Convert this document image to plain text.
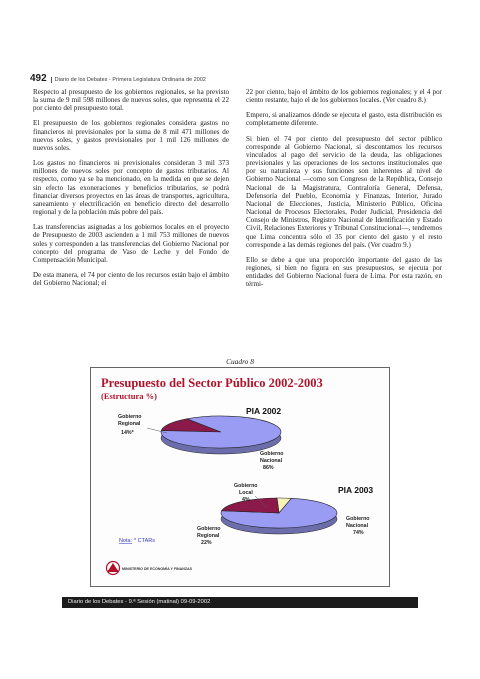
492	Diario de los Debates - Primera Legislatura Ordinaria de 2002

Respecto al presupuesto de los gobiernos regionales, se ha previsto la suma de 9 mil 598 millones de nuevos soles, que representa el 22 por ciento del presupuesto total.

El presupuesto de los gobiernos regionales considera gastos no financieros ni previsionales por la suma de 8 mil 471 millones de nuevos soles, y gastos previsionales por 1 mil 126 millones de nuevos soles.

Los gastos no financieros ni previsionales consideran 3 mil 373 millones de nuevos soles por concepto de gastos tributarios. Al respecto, como ya se ha mencionado, en la medida en que se dejen sin efecto las exoneraciones y beneficios tributarios, se podrá financiar diversos proyectos en las áreas de transportes, agricultura, saneamiento y electrificación en beneficio directo del desarrollo regional y de la población más pobre del país.

Las transferencias asignadas a los gobiernos locales en el proyecto de Presupuesto de 2003 ascienden a 1 mil 753 millones de nuevos soles y corresponden a las transferencias del Gobierno Nacional por concepto del programa de Vaso de Leche y del Fondo de Compensación Municipal.

De esta manera, el 74 por ciento de los recursos están bajo el ámbito del Gobierno Nacional; el

22 por ciento, bajo el ámbito de los gobiernos regionales; y el 4 por ciento restante, bajo el de los gobiernos locales. (Ver cuadro 8.)

Empero, si analizamos dónde se ejecuta el gasto, esta distribución es completamente diferente.

Si bien el 74 por ciento del presupuesto del sector público corresponde al Gobierno Nacional, si descontamos los recursos vinculados al pago del servicio de la deuda, las obligaciones previsionales y las operaciones de los sectores institucionales que por su naturaleza y sus funciones son inherentes al nivel de Gobierno Nacional —como son Congreso de la República, Consejo Nacional de la Magistratura, Contraloría General, Defensa, Defensoría del Pueblo, Economía y Finanzas, Interior, Jurado Nacional de Elecciones, Justicia, Ministerio Público, Oficina Nacional de Procesos Electorales, Poder Judicial, Presidencia del Consejo de Ministros, Registro Nacional de Identificación y Estado Civil, Relaciones Exteriores y Tribunal Constitucional—, tendremos que Lima concentra sólo el 35 por ciento del gasto y el resto corresponde a las demás regiones del país. (Ver cuadro 9.)

Ello se debe a que una proporción importante del gasto de las regiones, si bien no figura en sus presupuestos, se ejecuta por entidades del Gobierno Nacional fuera de Lima. Por esta razón, en térmi-

Cuadro 8
Presupuesto del Sector Público 2002-2003
(Estructura %)
PIA 2002
Gobierno Regional
14%*
Gobierno Nacional
86%
PIA 2003
Gobierno Local
4%
Gobierno Nacional
74%
Gobierno Regional
22%
Nota: * CTARs
MINISTERIO DE ECONOMÍA Y FINANZAS
Diario de los Debates - 9.ª Sesión (matinal) 09-09-2002
